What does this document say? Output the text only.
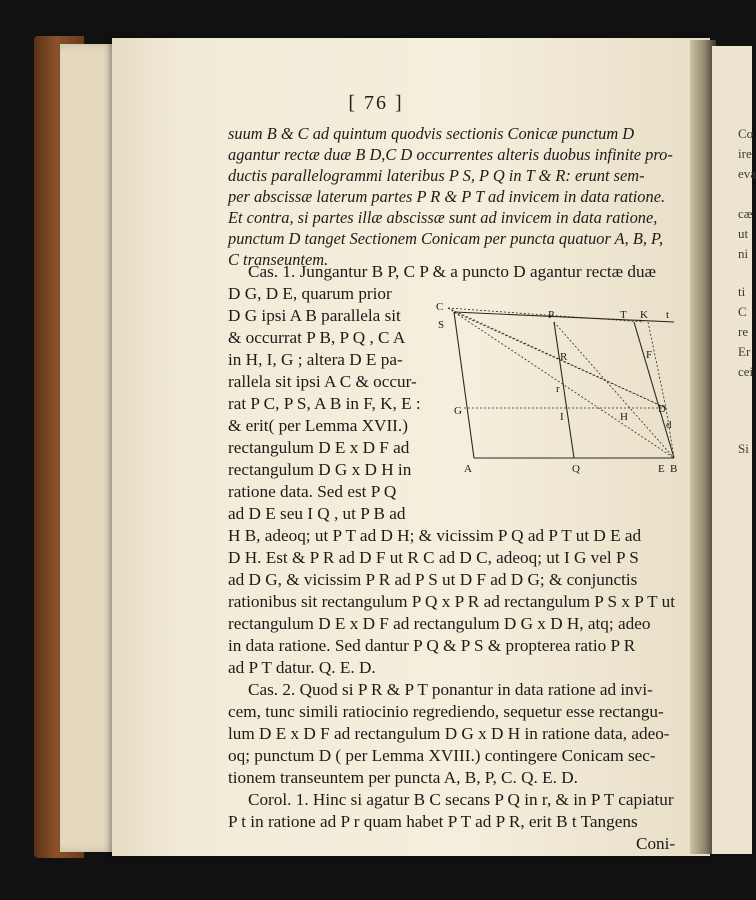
Co
ire
eva
cæ
ut
ni
ti
C
re
Er
cei
Si
[ 76 ]
suum B & C ad quintum quodvis sectionis Conicæ punctum D
agantur rectæ duæ B D,C D occurrentes alteris duobus infinite pro-
ductis parallelogrammi lateribus P S, P Q in T & R: erunt sem-
per abscissæ laterum partes P R & P T ad invicem in data ratione.
Et contra, si partes illæ abscissæ sunt ad invicem in data ratione,
punctum D tanget Sectionem Conicam per puncta quatuor A, B, P,
C transeuntem.
Cas. 1. Jungantur B P, C P & a puncto D agantur rectæ duæ
D G, D E, quarum prior
D G ipsi A B parallela sit
& occurrat P B, P Q , C A
in H, I, G ; altera D E pa-
rallela sit ipsi A C & occur-
rat P C, P S, A B in F, K, E :
& erit( per Lemma XVII.)
rectangulum D E x D F ad
rectangulum D G x D H in
ratione data. Sed est P Q
ad D E seu I Q , ut P B ad
H B, adeoq; ut P T ad D H; & vicissim P Q ad P T ut D E ad
D H. Est & P R ad D F ut R C ad D C, adeoq; ut I G vel P S
ad D G, & vicissim P R ad P S ut D F ad D G; & conjunctis
rationibus sit rectangulum P Q x P R ad rectangulum P S x P T ut
rectangulum D E x D F ad rectangulum D G x D H, atq; adeo
in data ratione. Sed dantur P Q & P S & propterea ratio P R
ad P T datur. Q. E. D.
Cas. 2. Quod si P R & P T ponantur in data ratione ad invi-
cem, tunc simili ratiocinio regrediendo, sequetur esse rectangu-
lum D E x D F ad rectangulum D G x D H in ratione data, adeo-
oq; punctum D ( per Lemma XVIII.) contingere Conicam sec-
tionem transeuntem per puncta A, B, P, C. Q. E. D.
Corol. 1. Hinc si agatur B C secans P Q in r, & in P T capiatur
P t in ratione ad P r quam habet P T ad P R, erit B t Tangens
Coni-
C
S
P	T K t
F
R
r
G	I	H
D
d
A	Q	E B
